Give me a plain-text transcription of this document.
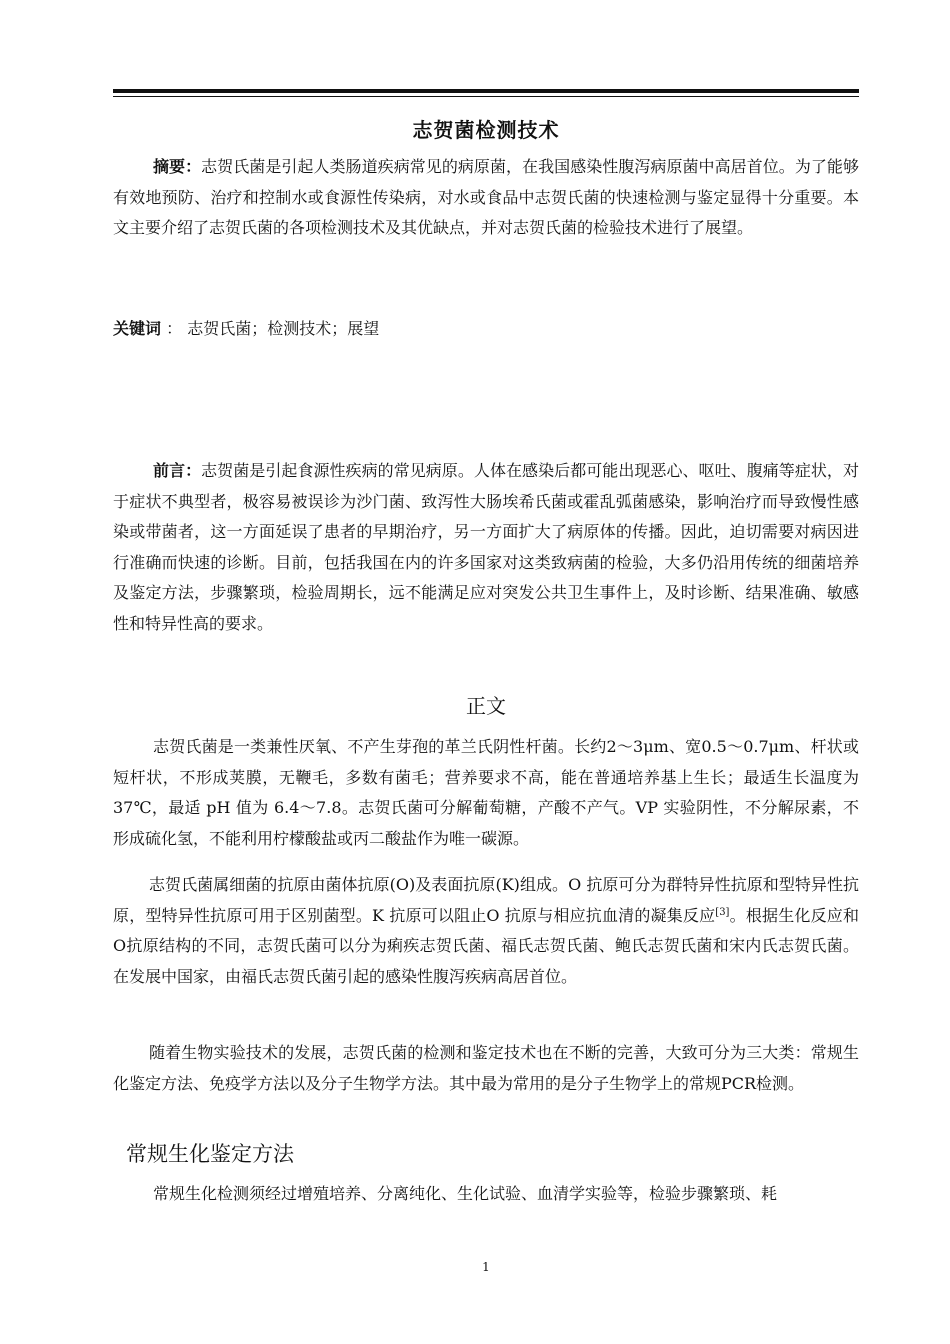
志贺菌检测技术

摘要：志贺氏菌是引起人类肠道疾病常见的病原菌，在我国感染性腹泻病原菌中高居首位。为了能够有效地预防、治疗和控制水或食源性传染病，对水或食品中志贺氏菌的快速检测与鉴定显得十分重要。本文主要介绍了志贺氏菌的各项检测技术及其优缺点，并对志贺氏菌的检验技术进行了展望。

关键词 ： 志贺氏菌；检测技术；展望

前言：志贺菌是引起食源性疾病的常见病原。人体在感染后都可能出现恶心、呕吐、腹痛等症状，对于症状不典型者，极容易被误诊为沙门菌、致泻性大肠埃希氏菌或霍乱弧菌感染，影响治疗而导致慢性感染或带菌者，这一方面延误了患者的早期治疗，另一方面扩大了病原体的传播。因此，迫切需要对病因进行准确而快速的诊断。目前，包括我国在内的许多国家对这类致病菌的检验，大多仍沿用传统的细菌培养及鉴定方法，步骤繁琐，检验周期长，远不能满足应对突发公共卫生事件上，及时诊断、结果准确、敏感性和特异性高的要求。

正文

志贺氏菌是一类兼性厌氧、不产生芽孢的革兰氏阴性杆菌。长约2～3μm、宽0.5～0.7μm、杆状或短杆状，不形成荚膜，无鞭毛，多数有菌毛；营养要求不高，能在普通培养基上生长；最适生长温度为37℃，最适 pH 值为 6.4～7.8。志贺氏菌可分解葡萄糖，产酸不产气。VP 实验阴性，不分解尿素，不形成硫化氢，不能利用柠檬酸盐或丙二酸盐作为唯一碳源。

志贺氏菌属细菌的抗原由菌体抗原(O)及表面抗原(K)组成。O 抗原可分为群特异性抗原和型特异性抗原，型特异性抗原可用于区别菌型。K 抗原可以阻止O 抗原与相应抗血清的凝集反应[3]。根据生化反应和O抗原结构的不同，志贺氏菌可以分为痢疾志贺氏菌、福氏志贺氏菌、鲍氏志贺氏菌和宋内氏志贺氏菌。在发展中国家，由福氏志贺氏菌引起的感染性腹泻疾病高居首位。

随着生物实验技术的发展，志贺氏菌的检测和鉴定技术也在不断的完善，大致可分为三大类：常规生化鉴定方法、免疫学方法以及分子生物学方法。其中最为常用的是分子生物学上的常规PCR检测。

常规生化鉴定方法

常规生化检测须经过增殖培养、分离纯化、生化试验、血清学实验等，检验步骤繁琐、耗

1
